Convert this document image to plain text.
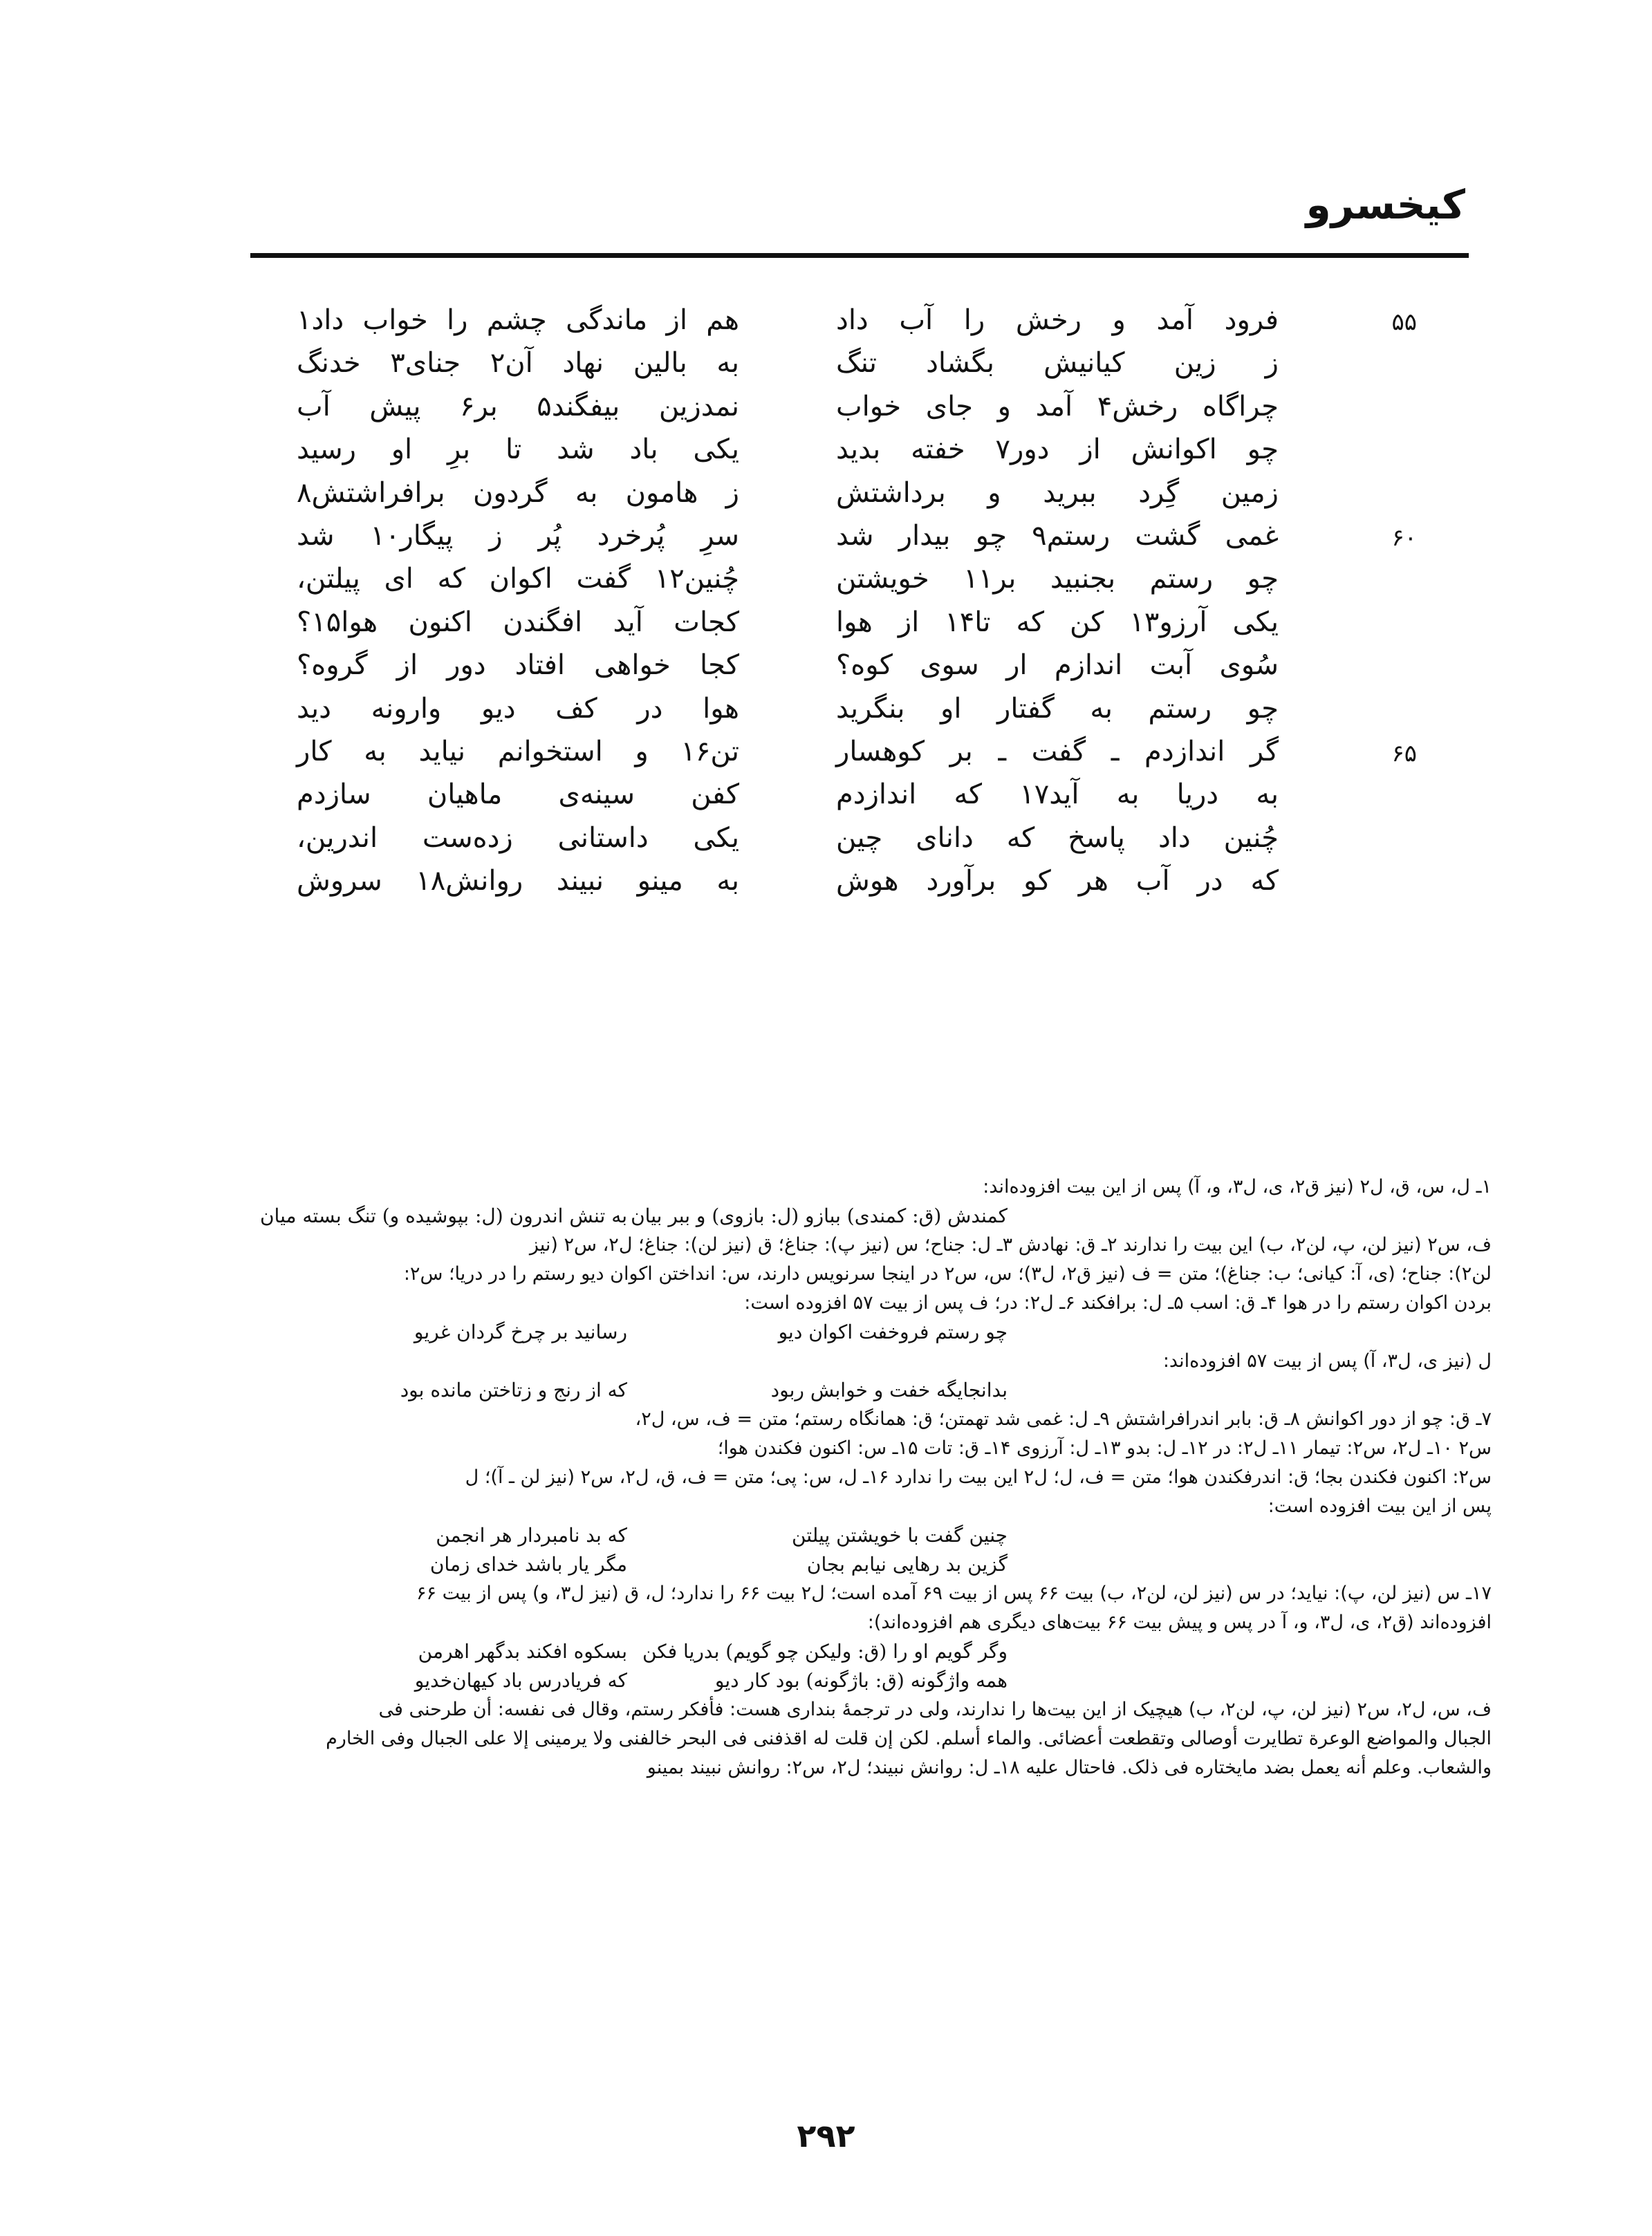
کیخسرو
۵۵
فرود آمد و رخش را آب داد
هم از ماندگی چشم را خواب داد۱
ز زین کیانیش بگشاد تنگ
به بالین نهاد آن۲ جنای۳ خدنگ
چراگاه رخش۴ آمد و جای خواب
نمدزین بیفگند۵ بر۶ پیش آب
چو اکوانش از دور۷ خفته بدید
یکی باد شد تا برِ او رسید
زمین گِرد ببرید و برداشتش
ز هامون به گردون برافراشتش۸
۶۰
غمی گشت رستم۹ چو بیدار شد
سرِ پُرخرد پُر ز پیگار۱۰ شد
چو رستم بجنبید بر۱۱ خویشتن
چُنین۱۲ گفت اکوان که ای پیلتن،
یکی آرزو۱۳ کن که تا۱۴ از هوا
کجات آید افگندن اکنون هوا۱۵؟
سُوی آبت اندازم ار سوی کوه؟
کجا خواهی افتاد دور از گروه؟
چو رستم به گفتار او بنگرید
هوا در کف دیو وارونه دید
۶۵
گر اندازدم ـ گفت ـ بر کوهسار
تن۱۶ و استخوانم نیاید به کار
به دریا به آید۱۷ که اندازدم
کفن سینه‌ی ماهیان سازدم
چُنین داد پاسخ که دانای چین
یکی داستانی زده‌ست اندرین،
که در آب هر کو برآورد هوش
به مینو نبیند روانش۱۸ سروش
۱ـ ل، س، ق، ل۲ (نیز ق۲، ی، ل۳، و، آ) پس از این بیت افزوده‌اند:
کمندش (ق: کمندی) ببازو (ل: بازوی) و ببر بیان
به تنش اندرون (ل: بپوشیده و) تنگ بسته میان
ف، س۲ (نیز لن، پ، لن۲، ب) این بیت را ندارند ۲ـ ق: نهادش ۳ـ ل: جناح؛ س (نیز پ): جناغ؛ ق (نیز لن): جناغ؛ ل۲، س۲ (نیز
لن۲): جناح؛ (ی، آ: کیانی؛ ب: جناغ)؛ متن = ف (نیز ق۲، ل۳)؛ س، س۲ در اینجا سرنویس دارند، س: انداختن اکوان دیو رستم را در دریا؛ س۲:
بردن اکوان رستم را در هوا ۴ـ ق: اسب ۵ـ ل: برافکند ۶ـ ل۲: در؛ ف پس از بیت ۵۷ افزوده است:
چو رستم فروخفت اکوان دیو
رسانید بر چرخ گردان غریو
ل (نیز ی، ل۳، آ) پس از بیت ۵۷ افزوده‌اند:
بدانجایگه خفت و خوابش ربود
که از رنج و زتاختن مانده بود
۷ـ ق: چو از دور اکوانش ۸ـ ق: بابر اندرافراشتش ۹ـ ل: غمی شد تهمتن؛ ق: همانگاه رستم؛ متن = ف، س، ل۲،
س۲ ۱۰ـ ل۲، س۲: تیمار ۱۱ـ ل۲: در ۱۲ـ ل: بدو ۱۳ـ ل: آرزوی ۱۴ـ ق: تات ۱۵ـ س: اکنون فکندن هوا؛
س۲: اکنون فکندن بجا؛ ق: اندرفکندن هوا؛ متن = ف، ل؛ ل۲ این بیت را ندارد ۱۶ـ ل، س: پی؛ متن = ف، ق، ل۲، س۲ (نیز لن ـ آ)؛ ل
پس از این بیت افزوده است:
چنین گفت با خویشتن پیلتن
که بد نامبردار هر انجمن
گزین بد رهایی نیابم بجان
مگر یار باشد خدای زمان
۱۷ـ س (نیز لن، پ): نیاید؛ در س (نیز لن، لن۲، ب) بیت ۶۶ پس از بیت ۶۹ آمده است؛ ل۲ بیت ۶۶ را ندارد؛ ل، ق (نیز ل۳، و) پس از بیت ۶۶
افزوده‌اند (ق۲، ی، ل۳، و، آ در پس و پیش بیت ۶۶ بیت‌های دیگری هم افزوده‌اند):
وگر گویم او را (ق: ولیکن چو گویم) بدریا فکن
بسکوه افکند بدگهر اهرمن
همه واژگونه (ق: باژگونه) بود کار دیو
که فریادرس باد کیهان‌خدیو
ف، س، ل۲، س۲ (نیز لن، پ، لن۲، ب) هیچیک از این بیت‌ها را ندارند، ولی در ترجمهٔ بنداری هست: فأفکر رستم، وقال فی نفسه: أن طرحنی فی
الجبال والمواضع الوعرة تطایرت أوصالی وتقطعت أعضائی. والماء أسلم. لکن إن قلت له اقذفنی فی البحر خالفنی ولا یرمینی إلا علی الجبال وفی الخارم
والشعاب. وعلم أنه یعمل بضد مایختاره فی ذلک. فاحتال علیه ۱۸ـ ل: روانش نبیند؛ ل۲، س۲: روانش نبیند بمینو
۲۹۲
